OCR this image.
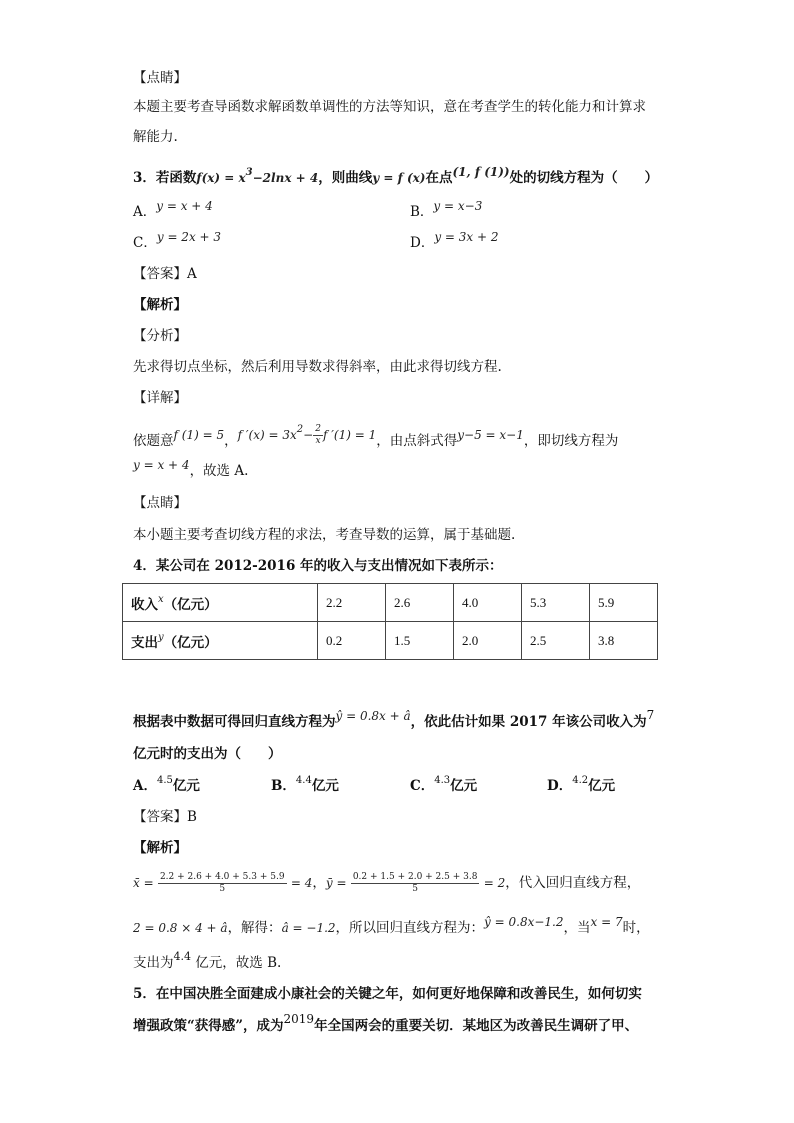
【点睛】
本题主要考查导函数求解函数单调性的方法等知识，意在考查学生的转化能力和计算求
解能力.
3．若函数$f(x) = x^3-2\ln x + 4$，则曲线y = f (x)在点(1, f (1))处的切线方程为（　　）
A．y = x + 4	B．y = x−3
C．y = 2x + 3	D．y = 3x + 2
【答案】A
【解析】
【分析】
先求得切点坐标，然后利用导数求得斜率，由此求得切线方程.
【详解】
依题意f (1) = 5，f $'(x) = 3x^2- \frac{2}{x}$ f ′(1) = 1，由点斜式得y−5 = x−1，即切线方程为
y = x + 4，故选 A.
【点睛】
本小题主要考查切线方程的求法，考查导数的运算，属于基础题.
4．某公司在 2012-2016 年的收入与支出情况如下表所示：
收入$^x$（亿元）	2.2	2.6	4.0	5.3	5.9
支出$^y$（亿元）	0.2	1.5	2.0	2.5	3.8
根据表中数据可得回归直线方程为ŷ = 0.8x + â，依此估计如果 2017 年该公司收入为7
亿元时的支出为（　　）
A．$^{4.5}$亿元	B．$^{4.4}$亿元	C．$^{4.3}$亿元	D．$^{4.2}$亿元
【答案】B
【解析】
x̄ = $\frac{2.2 + 2.6 + 4.0 + 5.3 + 5.9}{5} = 4$，ȳ = $\frac{0.2 + 1.5 + 2.0 + 2.5 + 3.8}{5} = 2$，代入回归直线方程，
2 = 0.8 × 4 + â，解得：â = −1.2，所以回归直线方程为：ŷ = 0.8x−1.2，当x = 7时，
支出为$^{4.4}$ 亿元，故选 B.
5．在中国决胜全面建成小康社会的关键之年，如何更好地保障和改善民生，如何切实
增强政策“获得感”，成为2019年全国两会的重要关切．某地区为改善民生调研了甲、
